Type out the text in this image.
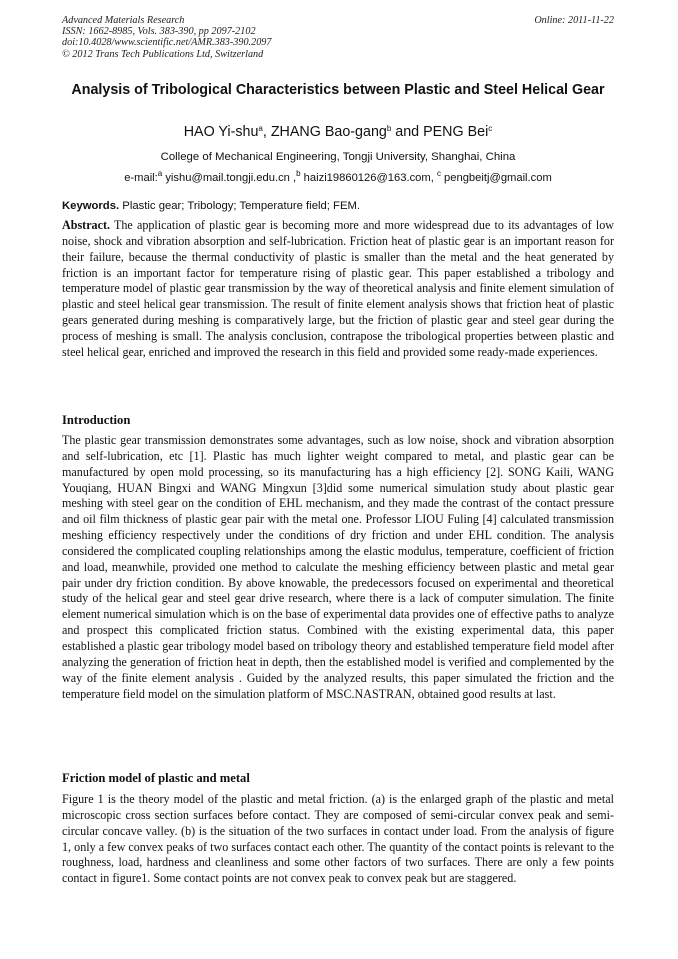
Advanced Materials Research
ISSN: 1662-8985, Vols. 383-390, pp 2097-2102
doi:10.4028/www.scientific.net/AMR.383-390.2097
© 2012 Trans Tech Publications Ltd, Switzerland
Online: 2011-11-22
Analysis of Tribological Characteristics between Plastic and Steel Helical Gear
HAO Yi-shu$^a$, ZHANG Bao-gang$^b$ and PENG Bei$^c$
College of Mechanical Engineering, Tongji University, Shanghai, China
e-mail:$^a$ yishu@mail.tongji.edu.cn ,$^b$ haizi19860126@163.com, $^c$ pengbeitj@gmail.com
Keywords. Plastic gear; Tribology; Temperature field; FEM.

Abstract. The application of plastic gear is becoming more and more widespread due to its advantages of low noise, shock and vibration absorption and self-lubrication. Friction heat of plastic gear is an important reason for their failure, because the thermal conductivity of plastic is smaller than the metal and the heat generated by friction is an important factor for temperature rising of plastic gear. This paper established a tribology and temperature model of plastic gear transmission by the way of theoretical analysis and finite element simulation of plastic and steel helical gear transmission. The result of finite element analysis shows that friction heat of plastic gears generated during meshing is comparatively large, but the friction of plastic gear and steel gear during the process of meshing is small. The analysis conclusion, contrapose the tribological properties between plastic and steel helical gear, enriched and improved the research in this field and provided some ready-made experiences.

Introduction

The plastic gear transmission demonstrates some advantages, such as low noise, shock and vibration absorption and self-lubrication, etc [1]. Plastic has much lighter weight compared to metal, and plastic gear can be manufactured by open mold processing, so its manufacturing has a high efficiency [2]. SONG Kaili, WANG Youqiang, HUAN Bingxi and WANG Mingxun [3]did some numerical simulation study about plastic gear meshing with steel gear on the condition of EHL mechanism, and they made the contrast of the contact pressure and oil film thickness of plastic gear pair with the metal one. Professor LIOU Fuling [4] calculated transmission meshing efficiency respectively under the conditions of dry friction and under EHL condition. The analysis considered the complicated coupling relationships among the elastic modulus, temperature, coefficient of friction and load, meanwhile, provided one method to calculate the meshing efficiency between plastic and metal gear pair under dry friction condition. By above knowable, the predecessors focused on experimental and theoretical study of the helical gear and steel gear drive research, where there is a lack of computer simulation. The finite element numerical simulation which is on the base of experimental data provides one of effective paths to analyze and prospect this complicated friction status. Combined with the existing experimental data, this paper established a plastic gear tribology model based on tribology theory and established temperature field model after analyzing the generation of friction heat in depth, then the established model is verified and complemented by the way of the finite element analysis . Guided by the analyzed results, this paper simulated the friction and the temperature field model on the simulation platform of MSC.NASTRAN, obtained good results at last.

Friction model of plastic and metal

Figure 1 is the theory model of the plastic and metal friction. (a) is the enlarged graph of the plastic and metal microscopic cross section surfaces before contact. They are composed of semi-circular convex peak and semi-circular concave valley. (b) is the situation of the two surfaces in contact under load. From the analysis of figure 1, only a few convex peaks of two surfaces contact each other. The quantity of the contact points is relevant to the roughness, load, hardness and cleanliness and some other factors of two surfaces. There are only a few points contact in figure1. Some contact points are not convex peak to convex peak but are staggered.
